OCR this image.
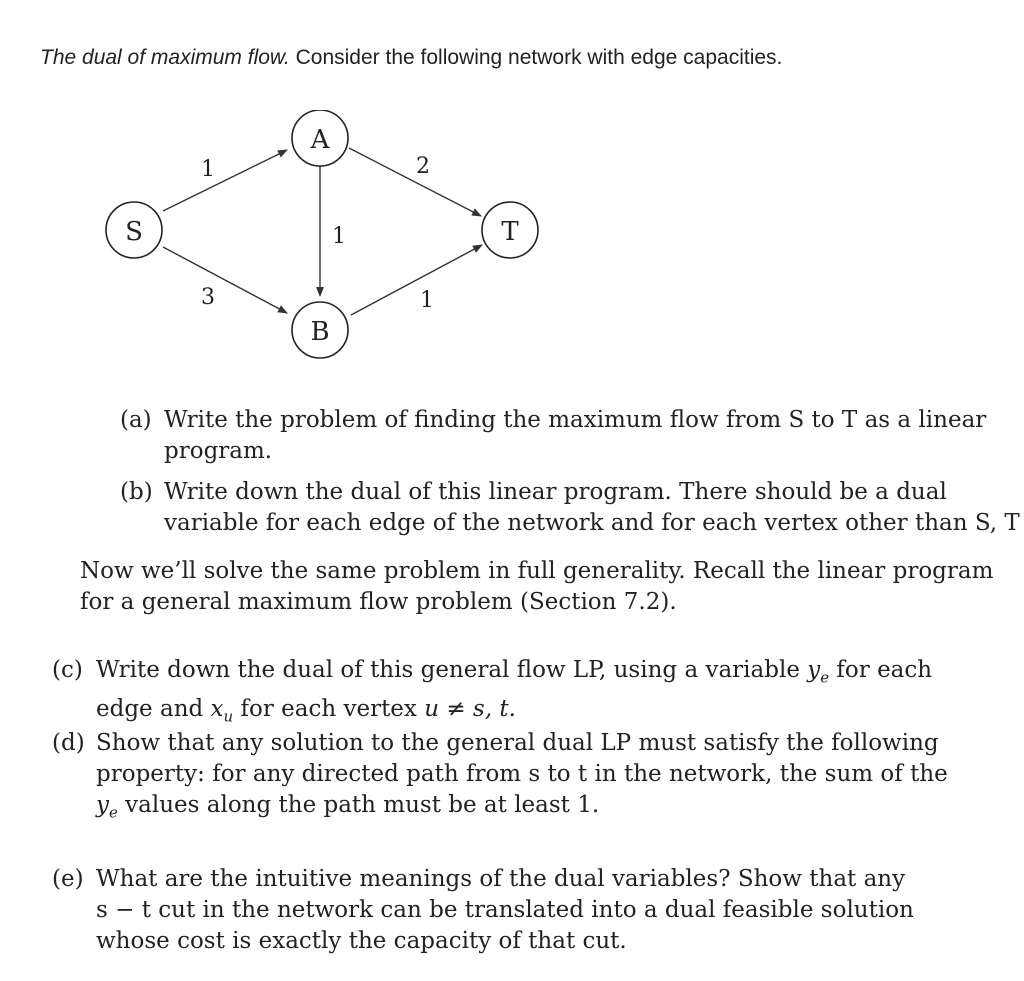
The dual of maximum flow. Consider the following network with edge capacities.
1
3
1
2
1
S
A
B
T
(a) Write the problem of finding the maximum flow from S to T as a linear
program.
(b) Write down the dual of this linear program. There should be a dual
variable for each edge of the network and for each vertex other than S, T
Now we’ll solve the same problem in full generality. Recall the linear program
for a general maximum flow problem (Section 7.2).
(c) Write down the dual of this general flow LP, using a variable $y_e$ for each
edge and $x_u$ for each vertex u ≠ s, t.
(d) Show that any solution to the general dual LP must satisfy the following
property: for any directed path from s to t in the network, the sum of the
$y_e$ values along the path must be at least 1.
(e) What are the intuitive meanings of the dual variables? Show that any
s − t cut in the network can be translated into a dual feasible solution
whose cost is exactly the capacity of that cut.
